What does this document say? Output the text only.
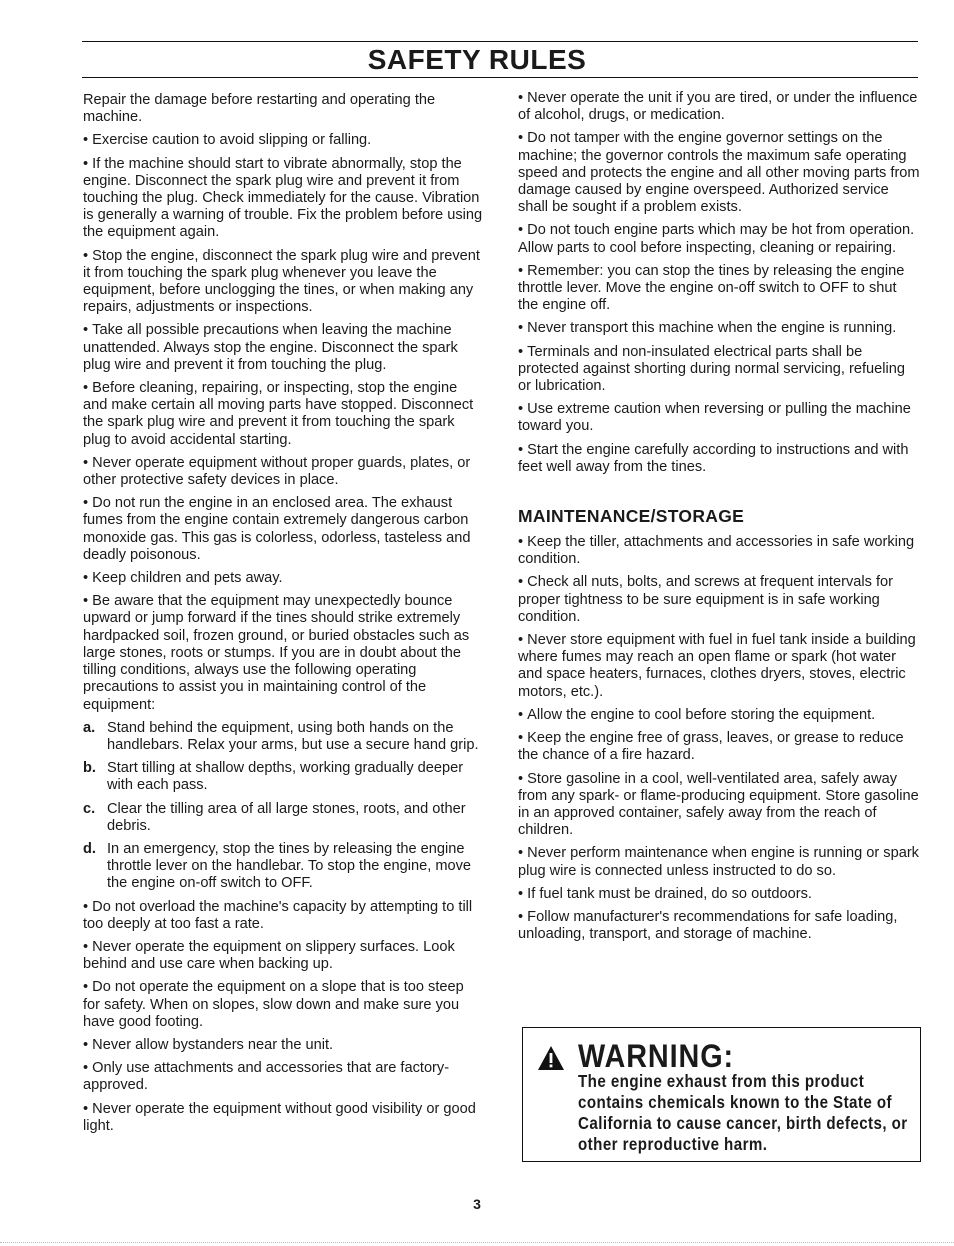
SAFETY RULES

Repair the damage before restarting and operating the machine.

• Exercise caution to avoid slipping or falling.

• If the machine should start to vibrate abnormally, stop the engine. Disconnect the spark plug wire and prevent it from touching the plug. Check immediately for the cause. Vibration is generally a warning of trouble. Fix the problem before using the equipment again.

• Stop the engine, disconnect the spark plug wire and prevent it from touching the spark plug whenever you leave the equipment, before unclogging the tines, or when making any repairs, adjustments or inspections.

• Take all possible precautions when leaving the machine unattended. Always stop the engine. Disconnect the spark plug wire and prevent it from touching the plug.

• Before cleaning, repairing, or inspecting, stop the engine and make certain all moving parts have stopped. Disconnect the spark plug wire and prevent it from touching the spark plug to avoid accidental starting.

• Never operate equipment without proper guards, plates, or other protective safety devices in place.

• Do not run the engine in an enclosed area. The exhaust fumes from the engine contain extremely dangerous carbon monoxide gas. This gas is colorless, odorless, tasteless and deadly poisonous.

• Keep children and pets away.

• Be aware that the equipment may unexpectedly bounce upward or jump forward if the tines should strike extremely hardpacked soil, frozen ground, or buried obstacles such as large stones, roots or stumps. If you are in doubt about the tilling conditions, always use the following operating precautions to assist you in maintaining control of the equipment:

a. Stand behind the equipment, using both hands on the handlebars. Relax your arms, but use a secure hand grip.
b. Start tilling at shallow depths, working gradually deeper with each pass.
c. Clear the tilling area of all large stones, roots, and other debris.
d. In an emergency, stop the tines by releasing the engine throttle lever on the handlebar. To stop the engine, move the engine on-off switch to OFF.

• Do not overload the machine's capacity by attempting to till too deeply at too fast a rate.

• Never operate the equipment on slippery surfaces. Look behind and use care when backing up.

• Do not operate the equipment on a slope that is too steep for safety. When on slopes, slow down and make sure you have good footing.

• Never allow bystanders near the unit.

• Only use attachments and accessories that are factory-approved.

• Never operate the equipment without good visibility or good light.

• Never operate the unit if you are tired, or under the influence of alcohol, drugs, or medication.

• Do not tamper with the engine governor settings on the machine; the governor controls the maximum safe operating speed and protects the engine and all other moving parts from damage caused by engine overspeed. Authorized service shall be sought if a problem exists.

• Do not touch engine parts which may be hot from operation. Allow parts to cool before inspecting, cleaning or repairing.

• Remember: you can stop the tines by releasing the engine throttle lever. Move the engine on-off switch to OFF to shut the engine off.

• Never transport this machine when the engine is running.

• Terminals and non-insulated electrical parts shall be protected against shorting during normal servicing, refueling or lubrication.

• Use extreme caution when reversing or pulling the machine toward you.

• Start the engine carefully according to instructions and with feet well away from the tines.

MAINTENANCE/STORAGE

• Keep the tiller, attachments and accessories in safe working condition.

• Check all nuts, bolts, and screws at frequent intervals for proper tightness to be sure equipment is in safe working condition.

• Never store equipment with fuel in fuel tank inside a building where fumes may reach an open flame or spark (hot water and space heaters, furnaces, clothes dryers, stoves, electric motors, etc.).

• Allow the engine to cool before storing the equipment.

• Keep the engine free of grass, leaves, or grease to reduce the chance of a fire hazard.

• Store gasoline in a cool, well-ventilated area, safely away from any spark- or flame-producing equipment. Store gasoline in an approved container, safely away from the reach of children.

• Never perform maintenance when engine is running or spark plug wire is connected unless instructed to do so.

• If fuel tank must be drained, do so outdoors.

• Follow manufacturer's recommendations for safe loading, unloading, transport, and storage of machine.

WARNING:
The engine exhaust from this product contains chemicals known to the State of California to cause cancer, birth defects, or other reproductive harm.
3
